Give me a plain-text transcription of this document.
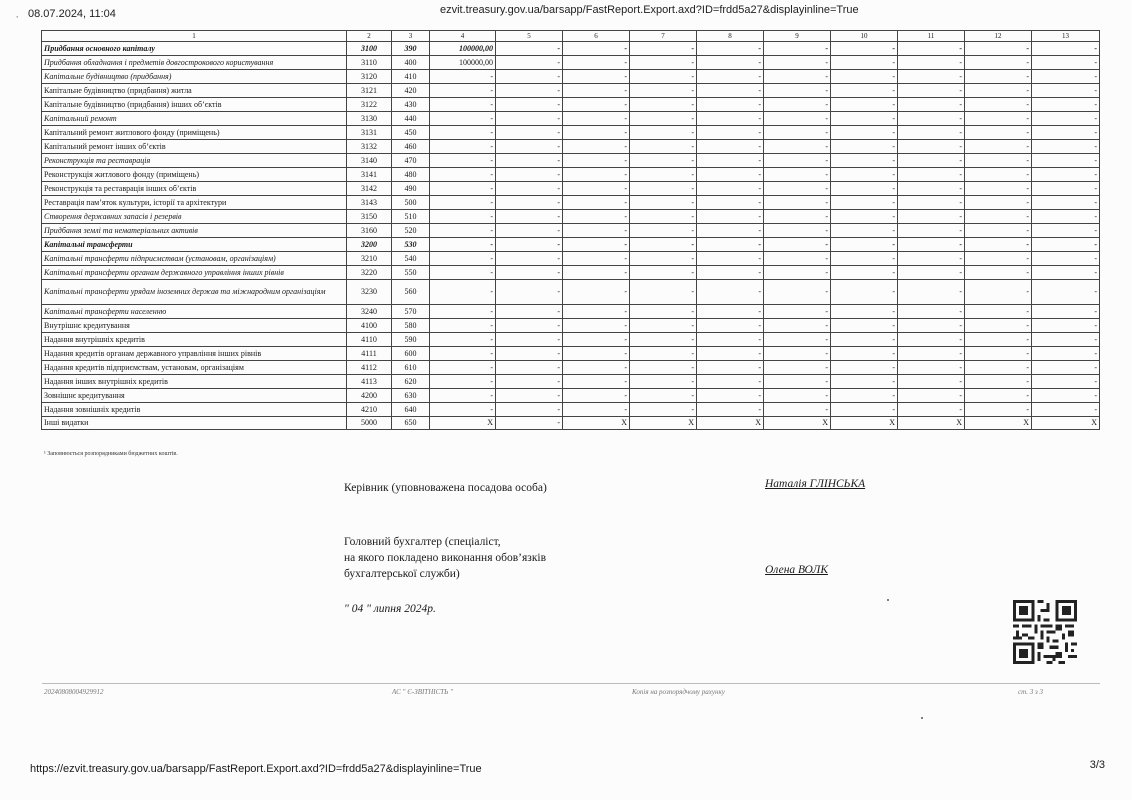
, 08.07.2024, 11:04	ezvit.treasury.gov.ua/barsapp/FastReport.Export.axd?ID=frdd5a27&displayinline=True
1	2	3	4	5	6	7	8	9	10	11	12	13
Придбання основного капіталу	3100	390	100000,00	-	-	-	-	-	-	-	-	-
Придбання обладнання і предметів довгострокового користування	3110	400	100000,00	-	-	-	-	-	-	-	-	-
Капітальне будівництво (придбання)	3120	410	-	-	-	-	-	-	-	-	-	-
Капітальне будівництво (придбання) житла	3121	420	-	-	-	-	-	-	-	-	-	-
Капітальне будівництво (придбання) інших об’єктів	3122	430	-	-	-	-	-	-	-	-	-	-
Капітальний ремонт	3130	440	-	-	-	-	-	-	-	-	-	-
Капітальний ремонт житлового фонду (приміщень)	3131	450	-	-	-	-	-	-	-	-	-	-
Капітальний ремонт інших об’єктів	3132	460	-	-	-	-	-	-	-	-	-	-
Реконструкція та реставрація	3140	470	-	-	-	-	-	-	-	-	-	-
Реконструкція житлового фонду (приміщень)	3141	480	-	-	-	-	-	-	-	-	-	-
Реконструкція та реставрація інших об’єктів	3142	490	-	-	-	-	-	-	-	-	-	-
Реставрація пам’яток культури, історії та архітектури	3143	500	-	-	-	-	-	-	-	-	-	-
Створення державних запасів і резервів	3150	510	-	-	-	-	-	-	-	-	-	-
Придбання землі та нематеріальних активів	3160	520	-	-	-	-	-	-	-	-	-	-
Капітальні трансферти	3200	530	-	-	-	-	-	-	-	-	-	-
Капітальні трансферти підприємствам (установам, організаціям)	3210	540	-	-	-	-	-	-	-	-	-	-
Капітальні трансферти органам державного управління інших рівнів	3220	550	-	-	-	-	-	-	-	-	-	-
Капітальні трансферти урядам іноземних держав та міжнародним організаціям	3230	560	-	-	-	-	-	-	-	-	-	-
Капітальні трансферти населенню	3240	570	-	-	-	-	-	-	-	-	-	-
Внутрішнє кредитування	4100	580	-	-	-	-	-	-	-	-	-	-
Надання внутрішніх кредитів	4110	590	-	-	-	-	-	-	-	-	-	-
Надання кредитів органам державного управління інших рівнів	4111	600	-	-	-	-	-	-	-	-	-	-
Надання кредитів підприємствам, установам, організаціям	4112	610	-	-	-	-	-	-	-	-	-	-
Надання інших внутрішніх кредитів	4113	620	-	-	-	-	-	-	-	-	-	-
Зовнішнє кредитування	4200	630	-	-	-	-	-	-	-	-	-	-
Надання зовнішніх кредитів	4210	640	-	-	-	-	-	-	-	-	-	-
Інші видатки	5000	650	X	-	X	X	X	X	X	X	X	X
¹ Заповнюється розпорядниками бюджетних коштів.
Керівник (уповноважена посадова особа)	Наталія ГЛІНСЬКА
Головний бухгалтер (спеціаліст,
на якого покладено виконання обов’язків
бухгалтерської служби)	Олена ВОЛК
" 04 " липня 2024р.
20240808004929912	АС " Є-ЗВІТНІСТЬ "	Копія на розпорядчому рахунку	ст. 3 з 3
https://ezvit.treasury.gov.ua/barsapp/FastReport.Export.axd?ID=frdd5a27&displayinline=True	3/3
